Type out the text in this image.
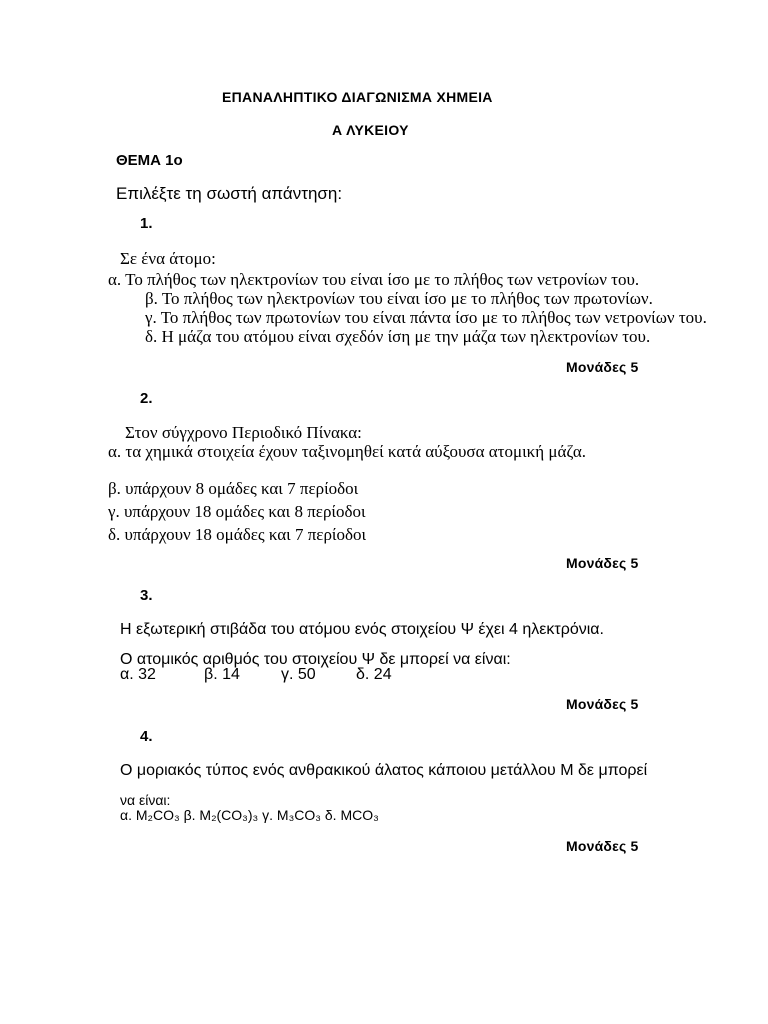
ΕΠΑΝΑΛΗΠΤΙΚΟ ΔΙΑΓΩΝΙΣΜΑ ΧΗΜΕΙΑ
Α ΛΥΚΕΙΟΥ
ΘΕΜΑ 1ο
Επιλέξτε τη σωστή απάντηση:
1.
Σε ένα άτομο:
α. Το πλήθος των ηλεκτρονίων του είναι ίσο με το πλήθος των νετρονίων του.
β. Το πλήθος των ηλεκτρονίων του είναι ίσο με το πλήθος των πρωτονίων.
γ. Το πλήθος των πρωτονίων του είναι πάντα ίσο με το πλήθος των νετρονίων του.
δ. Η μάζα του ατόμου είναι σχεδόν ίση με την μάζα των ηλεκτρονίων του.
Μονάδες 5
2.
Στον σύγχρονο Περιοδικό Πίνακα:
α. τα χημικά στοιχεία έχουν ταξινομηθεί κατά αύξουσα ατομική μάζα.
β. υπάρχουν 8 ομάδες και 7 περίοδοι
γ. υπάρχουν 18 ομάδες και 8 περίοδοι
δ. υπάρχουν 18 ομάδες και 7 περίοδοι
Μονάδες 5
3.
Η εξωτερική στιβάδα του ατόμου ενός στοιχείου Ψ έχει 4 ηλεκτρόνια.
Ο ατομικός αριθμός του στοιχείου Ψ δε μπορεί να είναι:
α. 32	β. 14	γ. 50	δ. 24
Μονάδες 5
4.
Ο μοριακός τύπος ενός ανθρακικού άλατος κάποιου μετάλλου Μ δε μπορεί
να είναι:
α. M₂CO₃ β. M₂(CO₃)₃ γ. M₃CO₃ δ. MCO₃
Μονάδες 5
